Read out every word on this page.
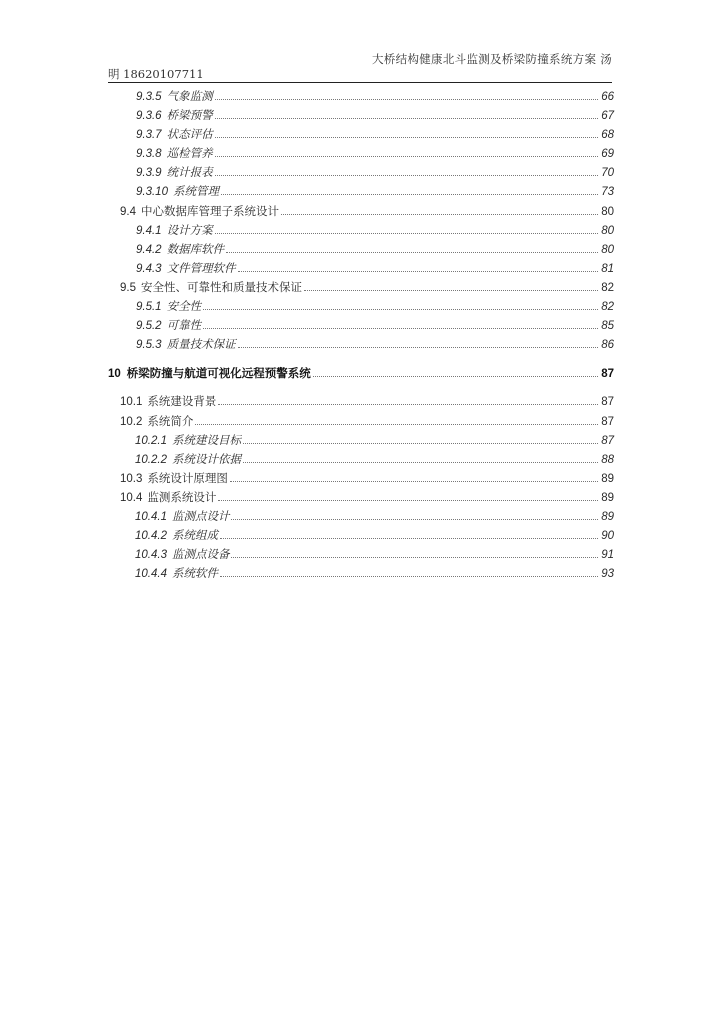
大桥结构健康北斗监测及桥梁防撞系统方案 汤
明 18620107711
9.3.5 气象监测	66
9.3.6 桥梁预警	67
9.3.7 状态评估	68
9.3.8 巡检管养	69
9.3.9 统计报表	70
9.3.10 系统管理	73
9.4 中心数据库管理子系统设计	80
9.4.1 设计方案	80
9.4.2 数据库软件	80
9.4.3 文件管理软件	81
9.5 安全性、可靠性和质量技术保证	82
9.5.1 安全性	82
9.5.2 可靠性	85
9.5.3 质量技术保证	86
10 桥梁防撞与航道可视化远程预警系统	87
10.1 系统建设背景	87
10.2 系统简介	87
10.2.1 系统建设目标	87
10.2.2 系统设计依据	88
10.3 系统设计原理图	89
10.4 监测系统设计	89
10.4.1 监测点设计	89
10.4.2 系统组成	90
10.4.3 监测点设备	91
10.4.4 系统软件	93
